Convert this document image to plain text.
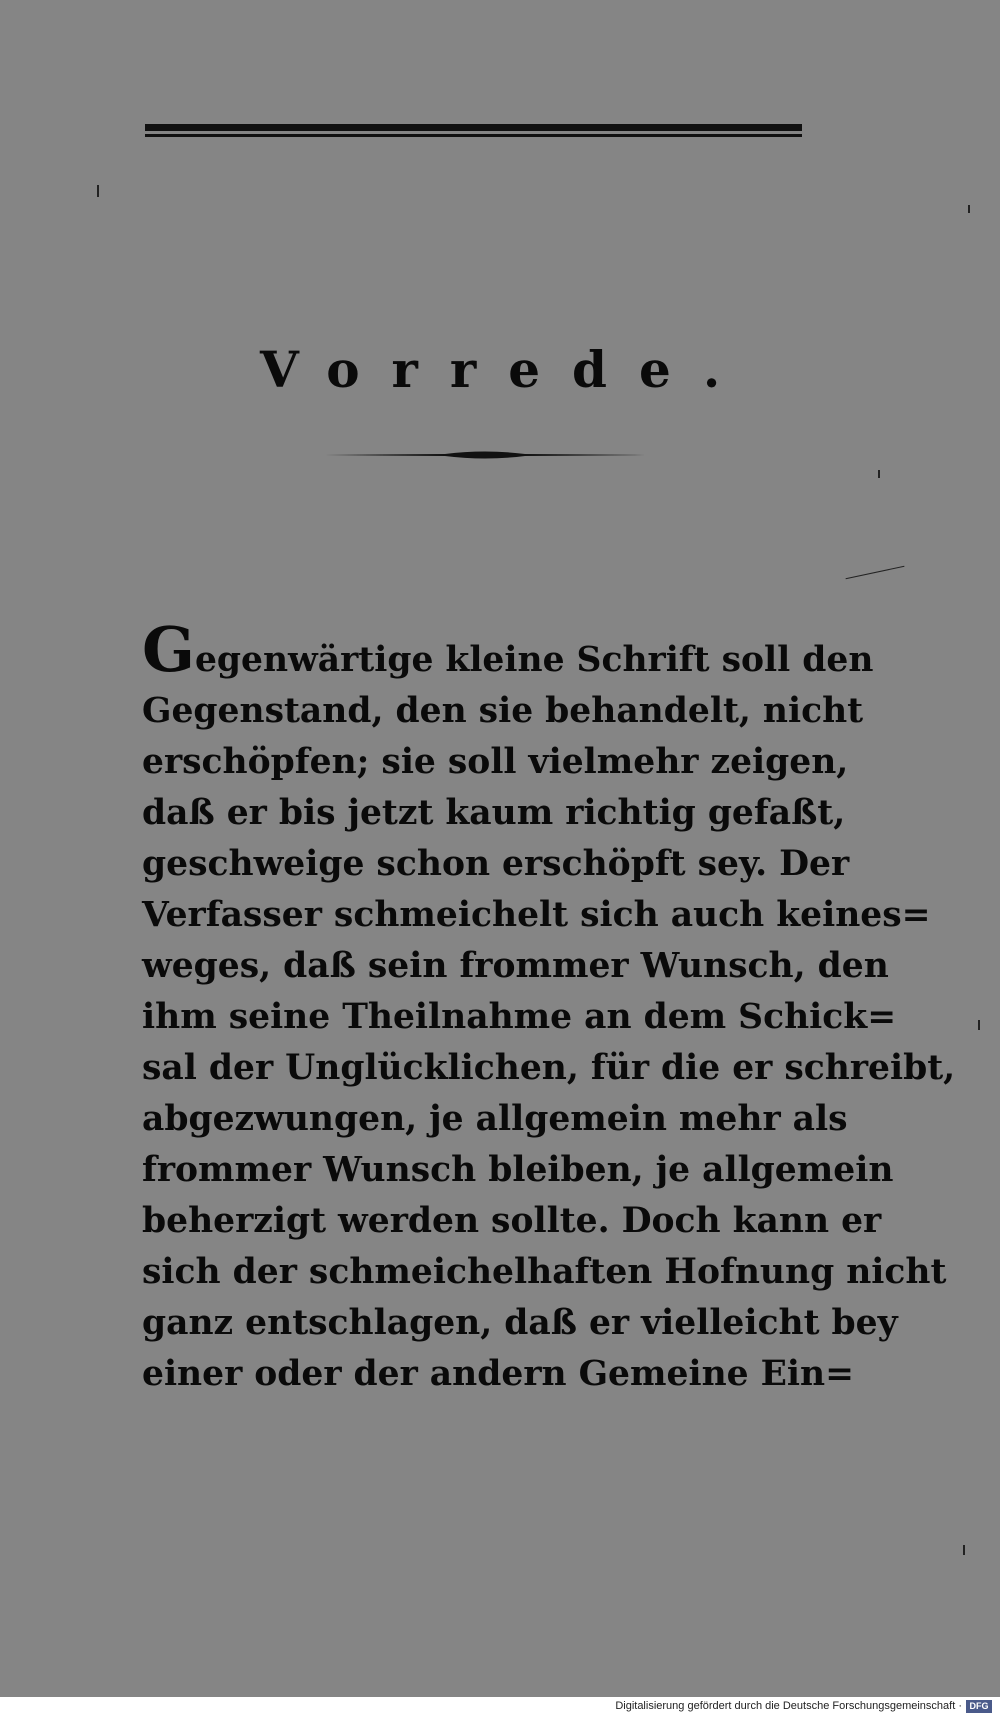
Vorrede.
Gegenwärtige kleine Schrift soll den
Gegenstand, den sie behandelt, nicht
erschöpfen; sie soll vielmehr zeigen,
daß er bis jetzt kaum richtig gefaßt,
geschweige schon erschöpft sey. Der
Verfasser schmeichelt sich auch keines=
weges, daß sein frommer Wunsch, den
ihm seine Theilnahme an dem Schick=
sal der Unglücklichen, für die er schreibt,
abgezwungen, je allgemein mehr als
frommer Wunsch bleiben, je allgemein
beherzigt werden sollte. Doch kann er
sich der schmeichelhaften Hofnung nicht
ganz entschlagen, daß er vielleicht bey
einer oder der andern Gemeine Ein=
Digitalisierung gefördert durch die Deutsche Forschungsgemeinschaft · DFG
